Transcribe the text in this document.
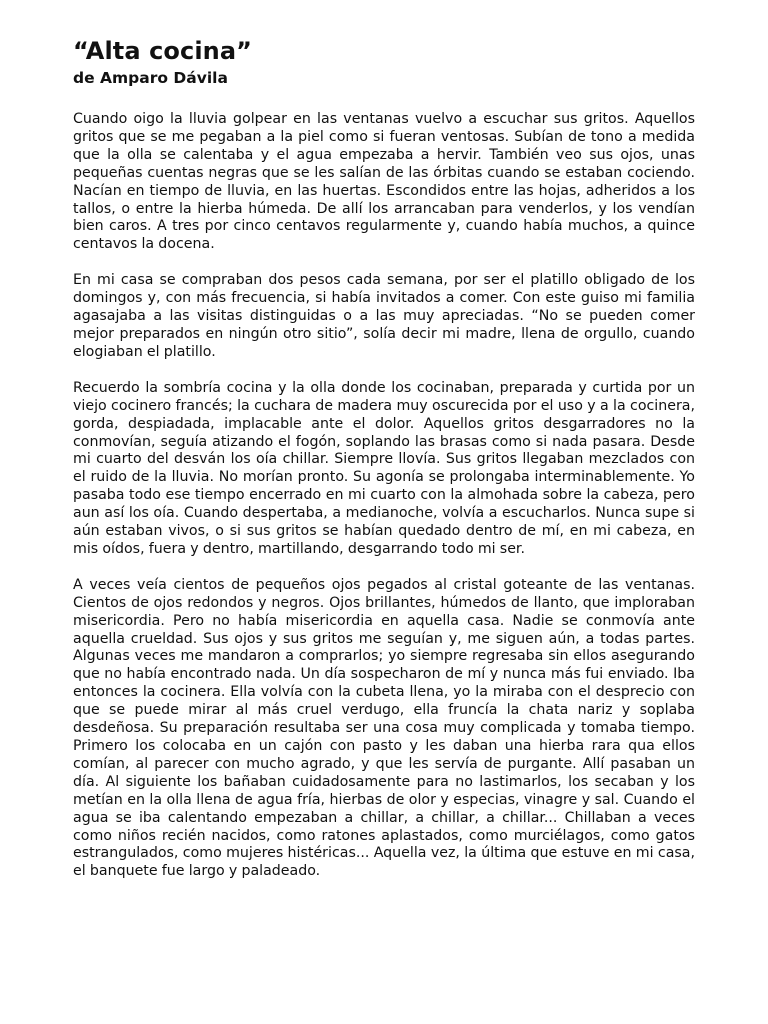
“Alta cocina”
de Amparo Dávila

Cuando oigo la lluvia golpear en las ventanas vuelvo a escuchar sus gritos. Aquellos gritos que se me pegaban a la piel como si fueran ventosas. Subían de tono a medida que la olla se calentaba y el agua empezaba a hervir. También veo sus ojos, unas pequeñas cuentas negras que se les salían de las órbitas cuando se estaban cociendo. Nacían en tiempo de lluvia, en las huertas. Escondidos entre las hojas, adheridos a los tallos, o entre la hierba húmeda. De allí los arrancaban para venderlos, y los vendían bien caros. A tres por cinco centavos regularmente y, cuando había muchos, a quince centavos la docena.

En mi casa se compraban dos pesos cada semana, por ser el platillo obligado de los domingos y, con más frecuencia, si había invitados a comer. Con este guiso mi familia agasajaba a las visitas distinguidas o a las muy apreciadas. “No se pueden comer mejor preparados en ningún otro sitio”, solía decir mi madre, llena de orgullo, cuando elogiaban el platillo.

Recuerdo la sombría cocina y la olla donde los cocinaban, preparada y curtida por un viejo cocinero francés; la cuchara de madera muy oscurecida por el uso y a la cocinera, gorda, despiadada, implacable ante el dolor. Aquellos gritos desgarradores no la conmovían, seguía atizando el fogón, soplando las brasas como si nada pasara. Desde mi cuarto del desván los oía chillar. Siempre llovía. Sus gritos llegaban mezclados con el ruido de la lluvia. No morían pronto. Su agonía se prolongaba interminablemente. Yo pasaba todo ese tiempo encerrado en mi cuarto con la almohada sobre la cabeza, pero aun así los oía. Cuando despertaba, a medianoche, volvía a escucharlos. Nunca supe si aún estaban vivos, o si sus gritos se habían quedado dentro de mí, en mi cabeza, en mis oídos, fuera y dentro, martillando, desgarrando todo mi ser.

A veces veía cientos de pequeños ojos pegados al cristal goteante de las ventanas. Cientos de ojos redondos y negros. Ojos brillantes, húmedos de llanto, que imploraban misericordia. Pero no había misericordia en aquella casa. Nadie se conmovía ante aquella crueldad. Sus ojos y sus gritos me seguían y, me siguen aún, a todas partes. Algunas veces me mandaron a comprarlos; yo siempre regresaba sin ellos asegurando que no había encontrado nada. Un día sospecharon de mí y nunca más fui enviado. Iba entonces la cocinera. Ella volvía con la cubeta llena, yo la miraba con el desprecio con que se puede mirar al más cruel verdugo, ella fruncía la chata nariz y soplaba desdeñosa. Su preparación resultaba ser una cosa muy complicada y tomaba tiempo. Primero los colocaba en un cajón con pasto y les daban una hierba rara qua ellos comían, al parecer con mucho agrado, y que les servía de purgante. Allí pasaban un día. Al siguiente los bañaban cuidadosamente para no lastimarlos, los secaban y los metían en la olla llena de agua fría, hierbas de olor y especias, vinagre y sal. Cuando el agua se iba calentando empezaban a chillar, a chillar, a chillar... Chillaban a veces como niños recién nacidos, como ratones aplastados, como murciélagos, como gatos estrangulados, como mujeres histéricas... Aquella vez, la última que estuve en mi casa, el banquete fue largo y paladeado.
